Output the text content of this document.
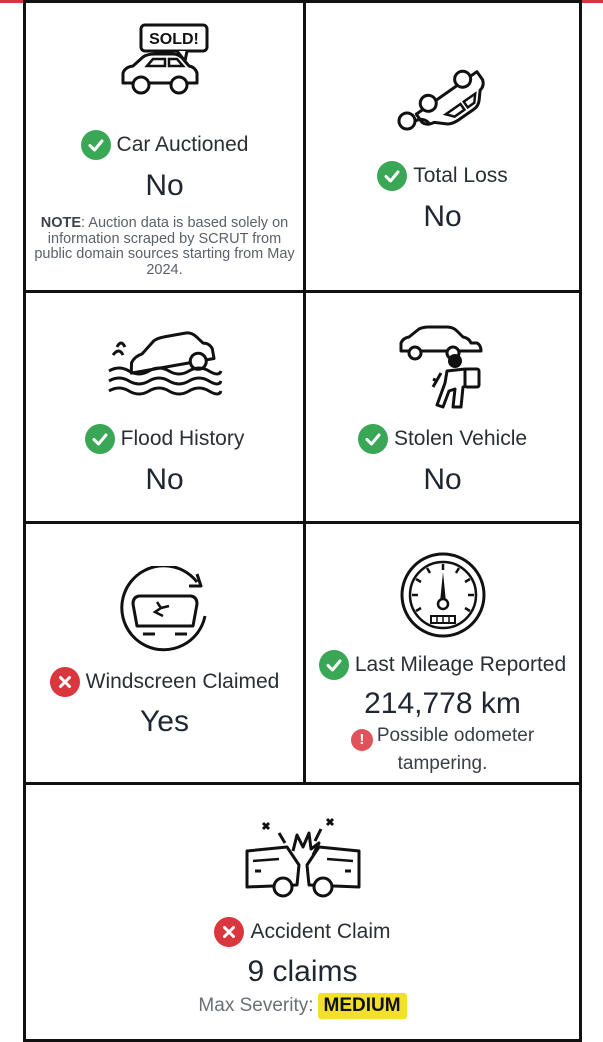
SOLD!
Car Auctioned
No
NOTE: Auction data is based solely on information scraped by SCRUT from public domain sources starting from May 2024.
Total Loss
No
Flood History
No
Stolen Vehicle
No
Windscreen Claimed
Yes
Last Mileage Reported
214,778 km
! Possible odometer
tampering.
Accident Claim
9 claims
Max Severity: MEDIUM
